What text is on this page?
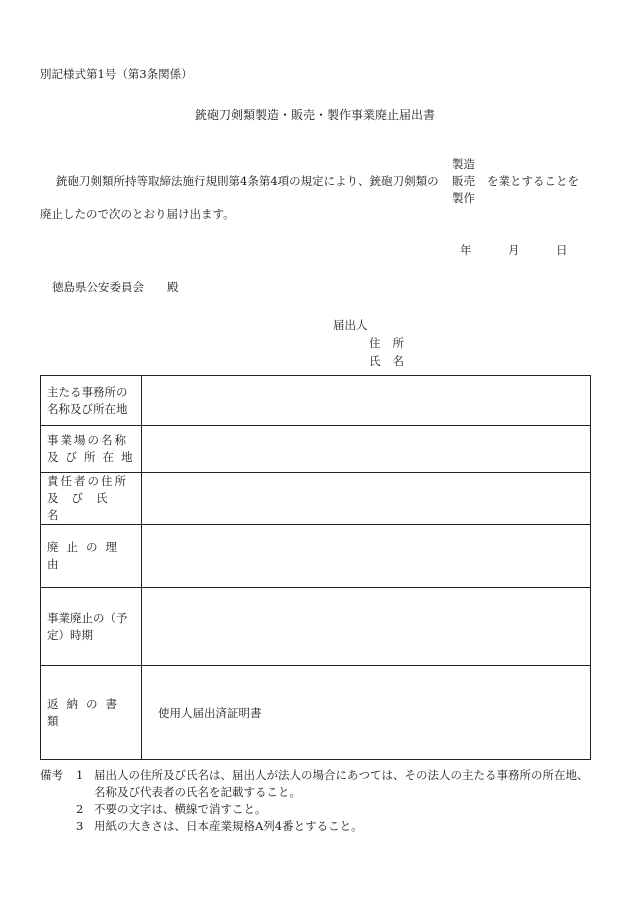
別記様式第1号（第3条関係）
銃砲刀剣類製造・販売・製作事業廃止届出書
銃砲刀剣類所持等取締法施行規則第4条第4項の規定により、銃砲刀剣類の
製造
販売
製作
を業とすることを
廃止したので次のとおり届け出ます。
年	月	日
徳島県公安委員会　　殿
届出人
住所
氏名
主たる事務所の
名称及び所在地	

事業場の名称
及び所在地	

責任者の住所
及び氏名	

廃止の理由	

事業廃止の（予
定）時期	

返納の書類	使用人届出済証明書
備考 1 届出人の住所及び氏名は、届出人が法人の場合にあつては、その法人の主たる事務所の所在地、
名称及び代表者の氏名を記載すること。
2 不要の文字は、横線で消すこと。
3 用紙の大きさは、日本産業規格A列4番とすること。
